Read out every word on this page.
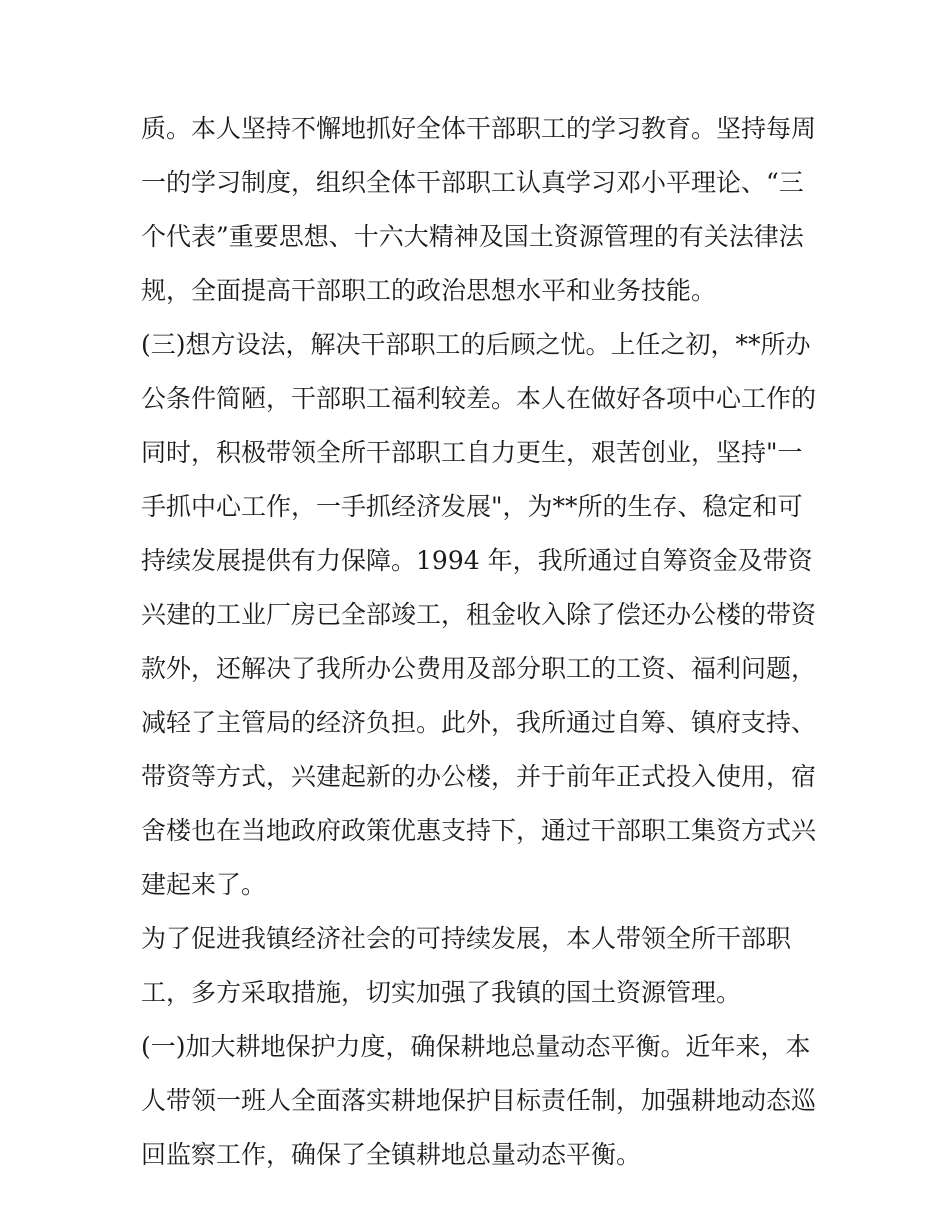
质。本人坚持不懈地抓好全体干部职工的学习教育。坚持每周
一的学习制度，组织全体干部职工认真学习邓小平理论、“三
个代表”重要思想、十六大精神及国土资源管理的有关法律法
规，全面提高干部职工的政治思想水平和业务技能。
(三)想方设法，解决干部职工的后顾之忧。上任之初，**所办
公条件简陋，干部职工福利较差。本人在做好各项中心工作的
同时，积极带领全所干部职工自力更生，艰苦创业，坚持"一
手抓中心工作，一手抓经济发展"，为**所的生存、稳定和可
持续发展提供有力保障。1994 年，我所通过自筹资金及带资
兴建的工业厂房已全部竣工，租金收入除了偿还办公楼的带资
款外，还解决了我所办公费用及部分职工的工资、福利问题，
减轻了主管局的经济负担。此外，我所通过自筹、镇府支持、
带资等方式，兴建起新的办公楼，并于前年正式投入使用，宿
舍楼也在当地政府政策优惠支持下，通过干部职工集资方式兴
建起来了。
为了促进我镇经济社会的可持续发展，本人带领全所干部职
工，多方采取措施，切实加强了我镇的国土资源管理。
(一)加大耕地保护力度，确保耕地总量动态平衡。近年来，本
人带领一班人全面落实耕地保护目标责任制，加强耕地动态巡
回监察工作，确保了全镇耕地总量动态平衡。
